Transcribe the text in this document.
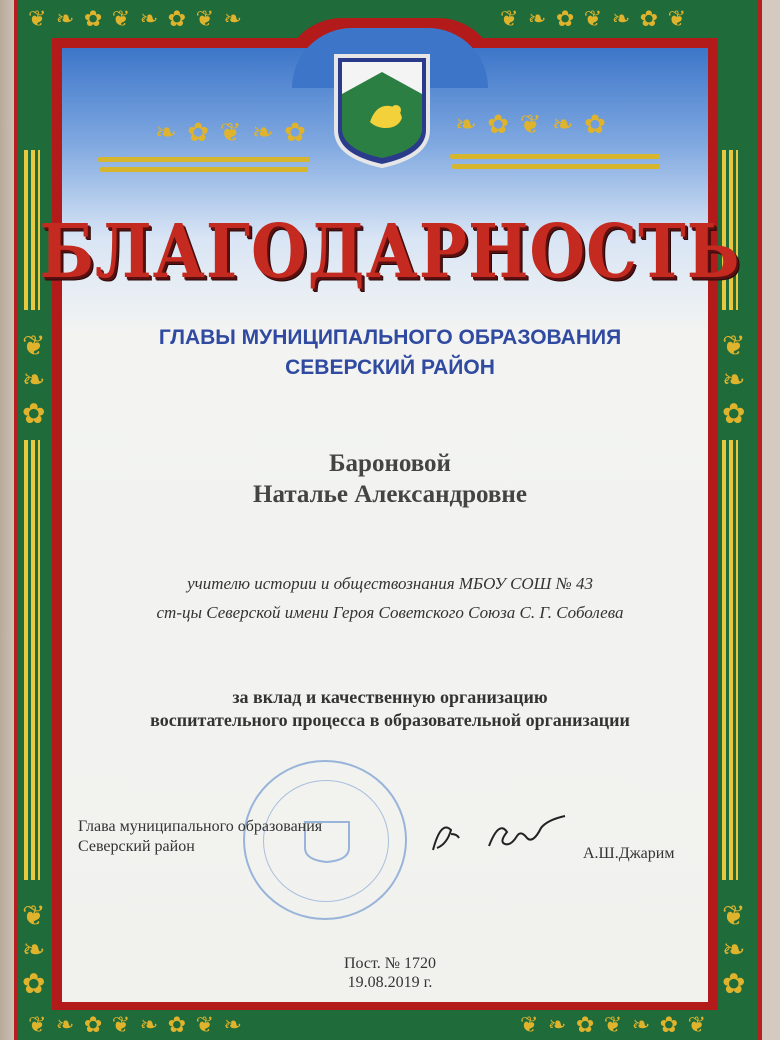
❦ ❧ ✿ ❦ ❧ ✿ ❦ ❧	❦ ❧ ✿ ❦ ❧ ✿ ❦
❦ ❧ ✿ ❦ ❧ ✿ ❦ ❧	❦ ❧ ✿ ❦ ❧ ✿ ❦
❦ ❧ ✿
❦ ❧ ✿
❦ ❧ ✿
❦ ❧ ✿
❧ ✿ ❦ ❧ ✿	❧ ✿ ❦ ❧ ✿
БЛАГОДАРНОСТЬ
ГЛАВЫ МУНИЦИПАЛЬНОГО ОБРАЗОВАНИЯ
СЕВЕРСКИЙ РАЙОН
Бароновой
Наталье Александровне
учителю истории и обществознания МБОУ СОШ № 43
ст-цы Северской имени Героя Советского Союза С. Г. Соболева
за вклад и качественную организацию
воспитательного процесса в образовательной организации
Глава муниципального образования
Северский район	А.Ш.Джарим
Пост. № 1720
19.08.2019 г.
